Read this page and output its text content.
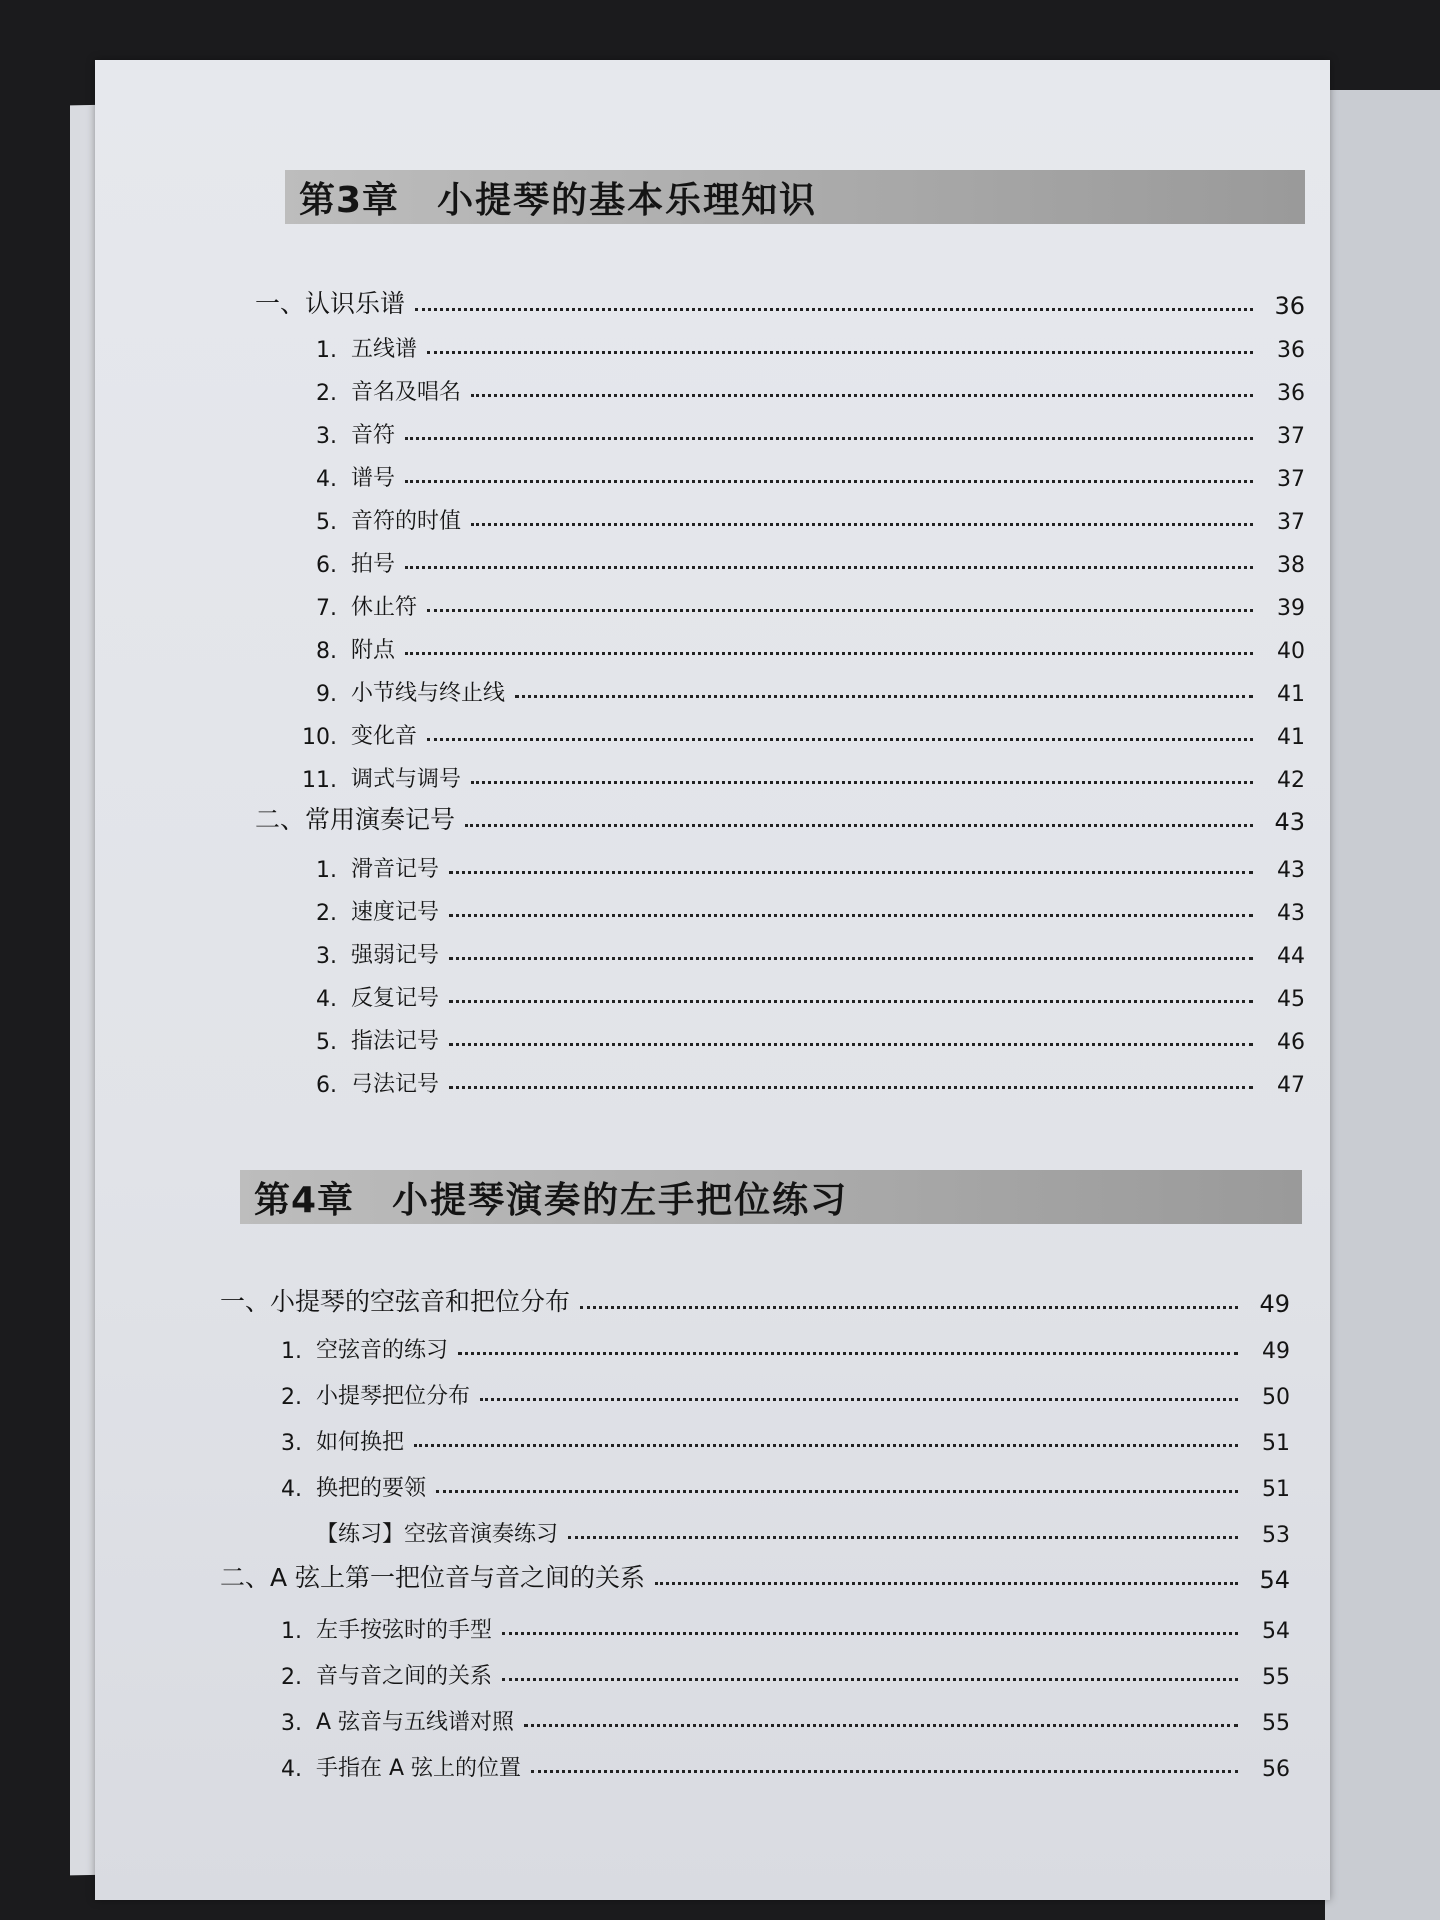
第3章 小提琴的基本乐理知识
一、认识乐谱	36
1. 五线谱	36
2. 音名及唱名	36
3. 音符	37
4. 谱号	37
5. 音符的时值	37
6. 拍号	38
7. 休止符	39
8. 附点	40
9. 小节线与终止线	41
10. 变化音	41
11. 调式与调号	42
二、常用演奏记号	43
1. 滑音记号	43
2. 速度记号	43
3. 强弱记号	44
4. 反复记号	45
5. 指法记号	46
6. 弓法记号	47
第4章 小提琴演奏的左手把位练习
一、小提琴的空弦音和把位分布	49
1. 空弦音的练习	49
2. 小提琴把位分布	50
3. 如何换把	51
4. 换把的要领	51
【练习】空弦音演奏练习	53
二、A 弦上第一把位音与音之间的关系	54
1. 左手按弦时的手型	54
2. 音与音之间的关系	55
3. A 弦音与五线谱对照	55
4. 手指在 A 弦上的位置	56
